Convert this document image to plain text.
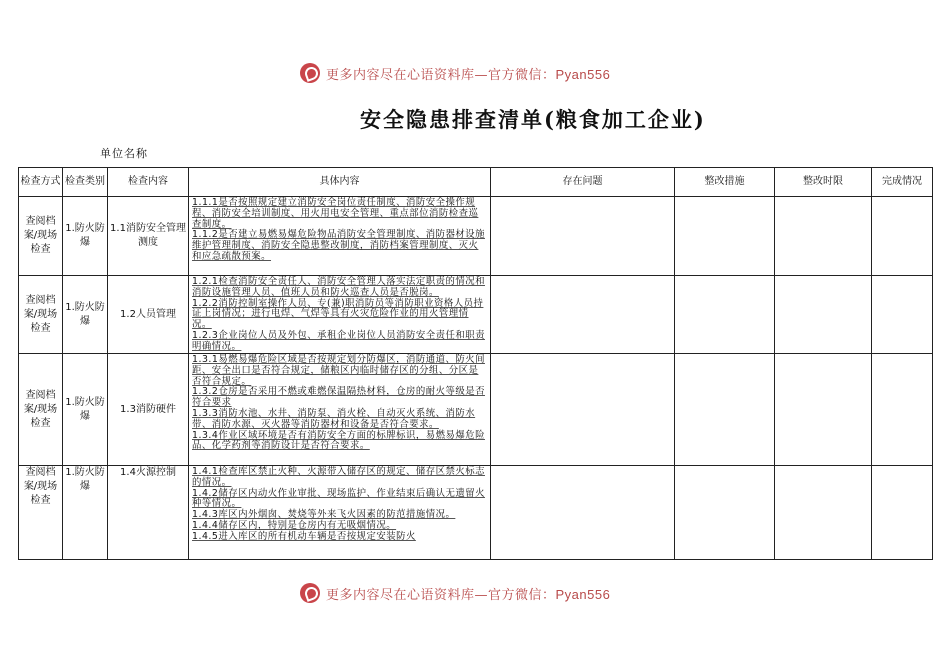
更多内容尽在心语资料库—官方微信：Pyan556
安全隐患排查清单(粮食加工企业)
单位名称
检查方式	检查类别	检查内容	具体内容	存在问题	整改措施	整改时限	完成情况
查阅档案/现场检查	1.防火防爆	1.1消防安全管理测度	1.1.1是否按照规定建立消防安全岗位责任制度、消防安全操作规程、消防安全培训制度、用火用电安全管理、重点部位消防检查巡查制度。

1.1.2是否建立易燃易爆危险物品消防安全管理制度、消防器材设施维护管理制度、消防安全隐患整改制度，消防档案管理制度、灭火和应急疏散预案。				

查阅档案/现场检查	1.防火防爆	1.2人员管理	1.2.1检查消防安全责任人、消防安全管理人落实法定职责的情况和消防设施管理人员、值班人员和防火巡查人员是否脱岗。

1.2.2消防控制室操作人员、专(兼)职消防员等消防职业资格人员持证上岗情况；进行电焊、气焊等具有火灾危险作业的用火管理情况。

1.2.3企业岗位人员及外包、承租企业岗位人员消防安全责任和职责明确情况。				

查阅档案/现场检查	1.防火防爆	1.3消防硬件	1.3.1易燃易爆危险区域是否按规定划分防爆区，消防通道、防火间距、安全出口是否符合规定，储粮区内临时储存区的分组、分区是否符合规定。

1.3.2仓房是否采用不燃或难燃保温隔热材料，仓房的耐火等级是否符合要求

1.3.3消防水池、水井、消防泵、消火栓、自动灭火系统、消防水带、消防水源、灭火器等消防器材和设备是否符合要求。

1.3.4作业区域环境是否有消防安全方面的标牌标识，易燃易爆危险品、化学药剂等消防设计是否符合要求。				

查阅档案/现场检查	1.防火防爆	1.4火源控制	1.4.1检查库区禁止火种、火源带入储存区的规定、储存区禁火标志的情况。

1.4.2储存区内动火作业审批、现场监护、作业结束后确认无遗留火种等情况。

1.4.3库区内外烟囱、焚烧等外来飞火因素的防范措施情况。

1.4.4储存区内，特别是仓房内有无吸烟情况。

1.4.5进入库区的所有机动车辆是否按规定安装防火				

更多内容尽在心语资料库—官方微信：Pyan556
